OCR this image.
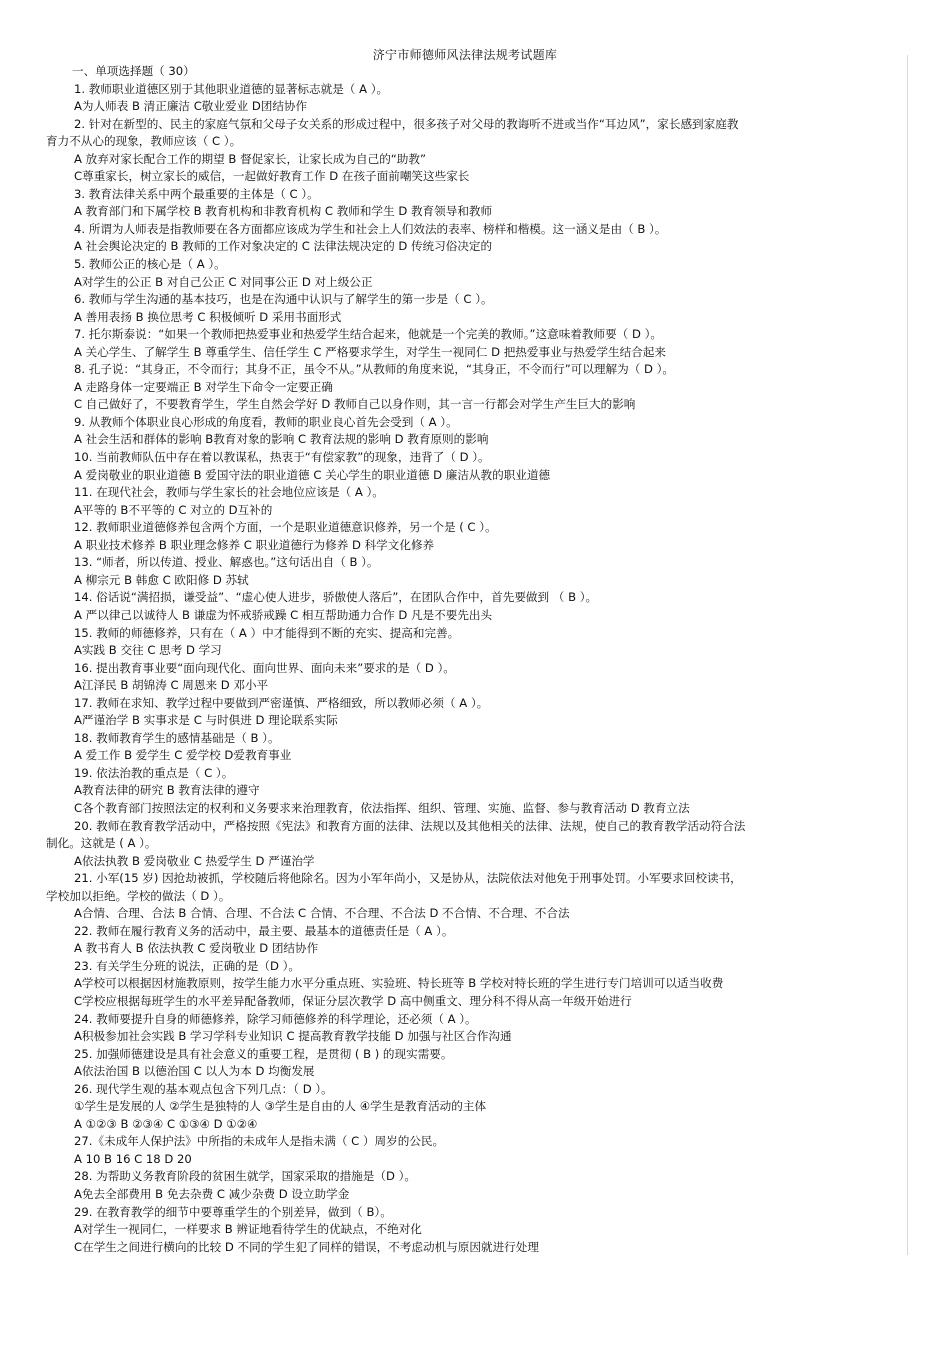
济宁市师德师风法律法规考试题库
一、单项选择题（ 30）
1. 教师职业道德区别于其他职业道德的显著标志就是（ A ）。
A为人师表 B 清正廉洁 C敬业爱业 D团结协作
2. 针对在新型的、民主的家庭气氛和父母子女关系的形成过程中，很多孩子对父母的教诲听不进或当作“耳边风”，家长感到家庭教
育力不从心的现象，教师应该（ C ）。
A 放弃对家长配合工作的期望 B 督促家长，让家长成为自己的“助教”
C尊重家长，树立家长的威信，一起做好教育工作 D 在孩子面前嘲笑这些家长
3. 教育法律关系中两个最重要的主体是（ C ）。
A 教育部门和下属学校 B 教育机构和非教育机构 C 教师和学生 D 教育领导和教师
4. 所谓为人师表是指教师要在各方面都应该成为学生和社会上人们效法的表率、榜样和楷模。这一涵义是由（ B ）。
A 社会舆论决定的 B 教师的工作对象决定的 C 法律法规决定的 D 传统习俗决定的
5. 教师公正的核心是（ A ）。
A对学生的公正 B 对自己公正 C 对同事公正 D 对上级公正
6. 教师与学生沟通的基本技巧，也是在沟通中认识与了解学生的第一步是（ C ）。
A 善用表扬 B 换位思考 C 积极倾听 D 采用书面形式
7. 托尔斯泰说：“如果一个教师把热爱事业和热爱学生结合起来，他就是一个完美的教师。”这意味着教师要（ D ）。
A 关心学生、了解学生 B 尊重学生、信任学生 C 严格要求学生，对学生一视同仁 D 把热爱事业与热爱学生结合起来
8. 孔子说：“其身正，不令而行；其身不正，虽令不从。”从教师的角度来说，“其身正，不令而行”可以理解为（ D ）。
A 走路身体一定要端正 B 对学生下命令一定要正确
C 自己做好了，不要教育学生，学生自然会学好 D 教师自己以身作则，其一言一行都会对学生产生巨大的影响
9. 从教师个体职业良心形成的角度看，教师的职业良心首先会受到（ A ）。
A 社会生活和群体的影响 B教育对象的影响 C 教育法规的影响 D 教育原则的影响
10. 当前教师队伍中存在着以教谋私，热衷于“有偿家教”的现象，违背了（ D ）。
A 爱岗敬业的职业道德 B 爱国守法的职业道德 C 关心学生的职业道德 D 廉洁从教的职业道德
11. 在现代社会，教师与学生家长的社会地位应该是（ A ）。
A平等的 B不平等的 C 对立的 D互补的
12. 教师职业道德修养包含两个方面，一个是职业道德意识修养，另一个是 ( C ）。
A 职业技术修养 B 职业理念修养 C 职业道德行为修养 D 科学文化修养
13. “师者，所以传道、授业、解惑也。”这句话出自（ B ）。
A 柳宗元 B 韩愈 C 欧阳修 D 苏轼
14. 俗话说“满招损，谦受益”、“虚心使人进步，骄傲使人落后”，在团队合作中，首先要做到 （ B ）。
A 严以律己以诚待人 B 谦虚为怀戒骄戒躁 C 相互帮助通力合作 D 凡是不要先出头
15. 教师的师德修养，只有在（ A ）中才能得到不断的充实、提高和完善。
A实践 B 交往 C 思考 D 学习
16. 提出教育事业要“面向现代化、面向世界、面向未来”要求的是（ D ）。
A江泽民 B 胡锦涛 C 周恩来 D 邓小平
17. 教师在求知、教学过程中要做到严密谨慎、严格细致，所以教师必须（ A ）。
A严谨治学 B 实事求是 C 与时俱进 D 理论联系实际
18. 教师教育学生的感情基础是（ B ）。
A 爱工作 B 爱学生 C 爱学校 D爱教育事业
19. 依法治教的重点是（ C ）。
A教育法律的研究 B 教育法律的遵守
C各个教育部门按照法定的权利和义务要求来治理教育，依法指挥、组织、管理、实施、监督、参与教育活动 D 教育立法
20. 教师在教育教学活动中，严格按照《宪法》和教育方面的法律、法规以及其他相关的法律、法规，使自己的教育教学活动符合法
制化。这就是 ( A ）。
A依法执教 B 爱岗敬业 C 热爱学生 D 严谨治学
21. 小军(15 岁) 因抢劫被抓，学校随后将他除名。因为小军年尚小，又是协从，法院依法对他免于刑事处罚。小军要求回校读书，
学校加以拒绝。学校的做法（ D ）。
A合情、合理、合法 B 合情、合理、不合法 C 合情、不合理、不合法 D 不合情、不合理、不合法
22. 教师在履行教育义务的活动中，最主要、最基本的道德责任是（ A ）。
A 教书育人 B 依法执教 C 爱岗敬业 D 团结协作
23. 有关学生分班的说法，正确的是（D ）。
A学校可以根据因材施教原则，按学生能力水平分重点班、实验班、特长班等 B 学校对特长班的学生进行专门培训可以适当收费
C学校应根据每班学生的水平差异配备教师，保证分层次教学 D 高中侧重文、理分科不得从高一年级开始进行
24. 教师要提升自身的师德修养，除学习师德修养的科学理论，还必须（ A ）。
A积极参加社会实践 B 学习学科专业知识 C 提高教育教学技能 D 加强与社区合作沟通
25. 加强师德建设是具有社会意义的重要工程，是贯彻 ( B ) 的现实需要。
A依法治国 B 以德治国 C 以人为本 D 均衡发展
26. 现代学生观的基本观点包含下列几点：（ D ）。
①学生是发展的人 ②学生是独特的人 ③学生是自由的人 ④学生是教育活动的主体
A ①②③ B ②③④ C ①③④ D ①②④
27.《未成年人保护法》中所指的未成年人是指未满（ C ）周岁的公民。
A 10 B 16 C 18 D 20
28. 为帮助义务教育阶段的贫困生就学，国家采取的措施是（D ）。
A免去全部费用 B 免去杂费 C 减少杂费 D 设立助学金
29. 在教育教学的细节中要尊重学生的个别差异，做到（ B）。
A对学生一视同仁，一样要求 B 辨证地看待学生的优缺点，不绝对化
C在学生之间进行横向的比较 D 不同的学生犯了同样的错误，不考虑动机与原因就进行处理
